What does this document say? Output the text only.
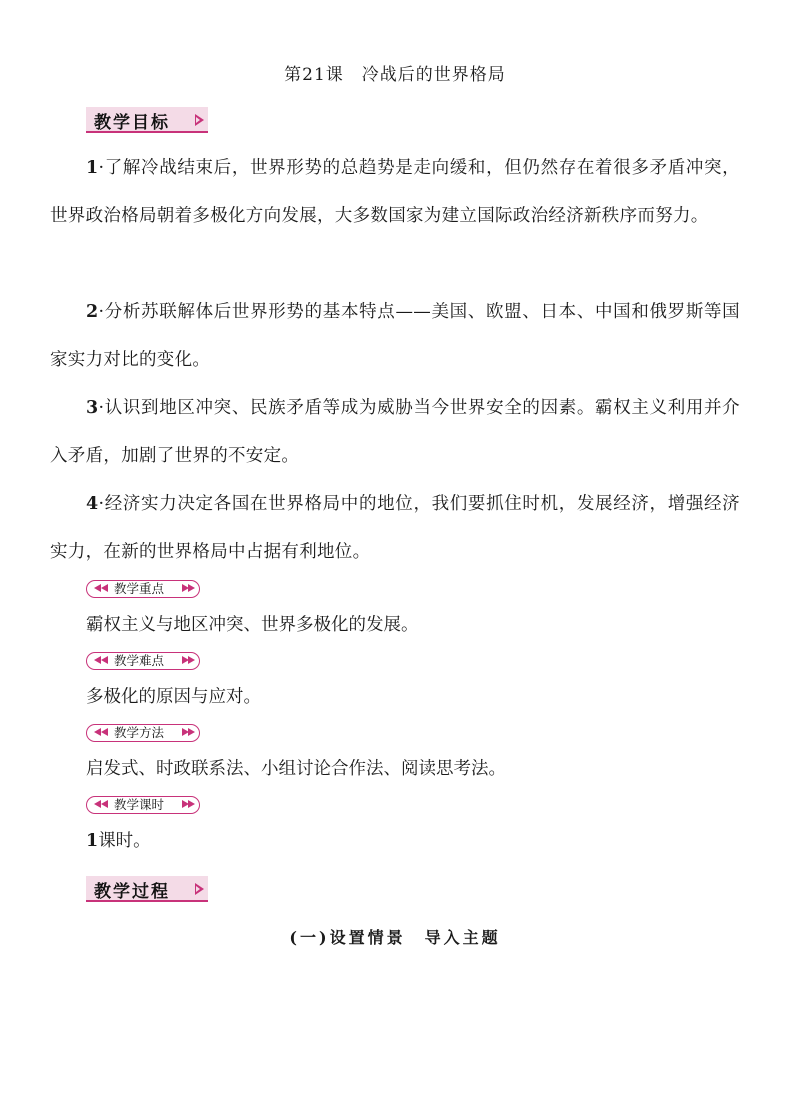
第21课　冷战后的世界格局
教学目标
1·了解冷战结束后，世界形势的总趋势是走向缓和，但仍然存在着很多矛盾冲突，世界政治格局朝着多极化方向发展，大多数国家为建立国际政治经济新秩序而努力。
2·分析苏联解体后世界形势的基本特点——美国、欧盟、日本、中国和俄罗斯等国家实力对比的变化。
3·认识到地区冲突、民族矛盾等成为威胁当今世界安全的因素。霸权主义利用并介入矛盾，加剧了世界的不安定。
4·经济实力决定各国在世界格局中的地位，我们要抓住时机，发展经济，增强经济实力，在新的世界格局中占据有利地位。
教学重点
霸权主义与地区冲突、世界多极化的发展。
教学难点
多极化的原因与应对。
教学方法
启发式、时政联系法、小组讨论合作法、阅读思考法。
教学课时
1课时。
教学过程
(一)设置情景　导入主题
